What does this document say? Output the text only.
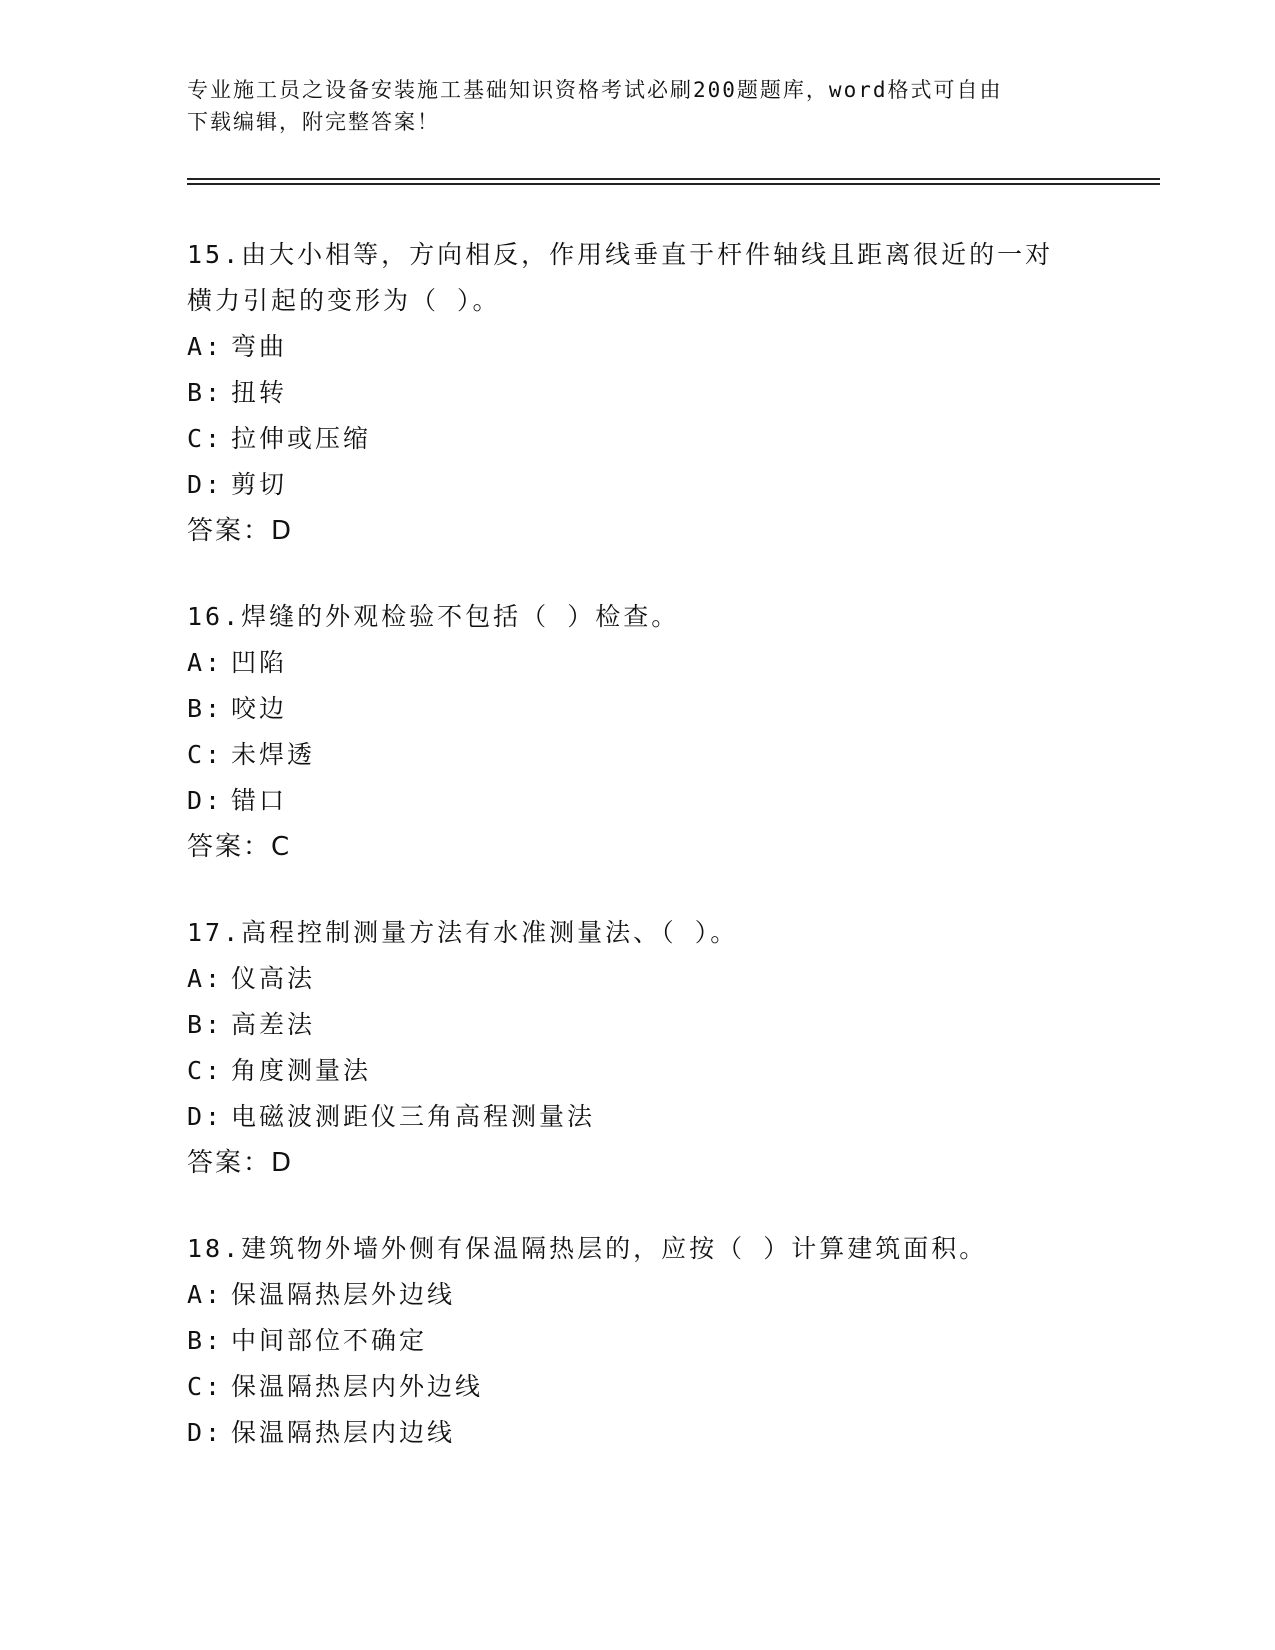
专业施工员之设备安装施工基础知识资格考试必刷200题题库，word格式可自由
下载编辑，附完整答案！
15.由大小相等，方向相反，作用线垂直于杆件轴线且距离很近的一对
横力引起的变形为（ ）。
A: 弯曲
B: 扭转
C: 拉伸或压缩
D: 剪切
答案：D
16.焊缝的外观检验不包括（ ）检查。
A: 凹陷
B: 咬边
C: 未焊透
D: 错口
答案：C
17.高程控制测量方法有水准测量法、（ ）。
A: 仪高法
B: 高差法
C: 角度测量法
D: 电磁波测距仪三角高程测量法
答案：D
18.建筑物外墙外侧有保温隔热层的，应按（ ）计算建筑面积。
A: 保温隔热层外边线
B: 中间部位不确定
C: 保温隔热层内外边线
D: 保温隔热层内边线
